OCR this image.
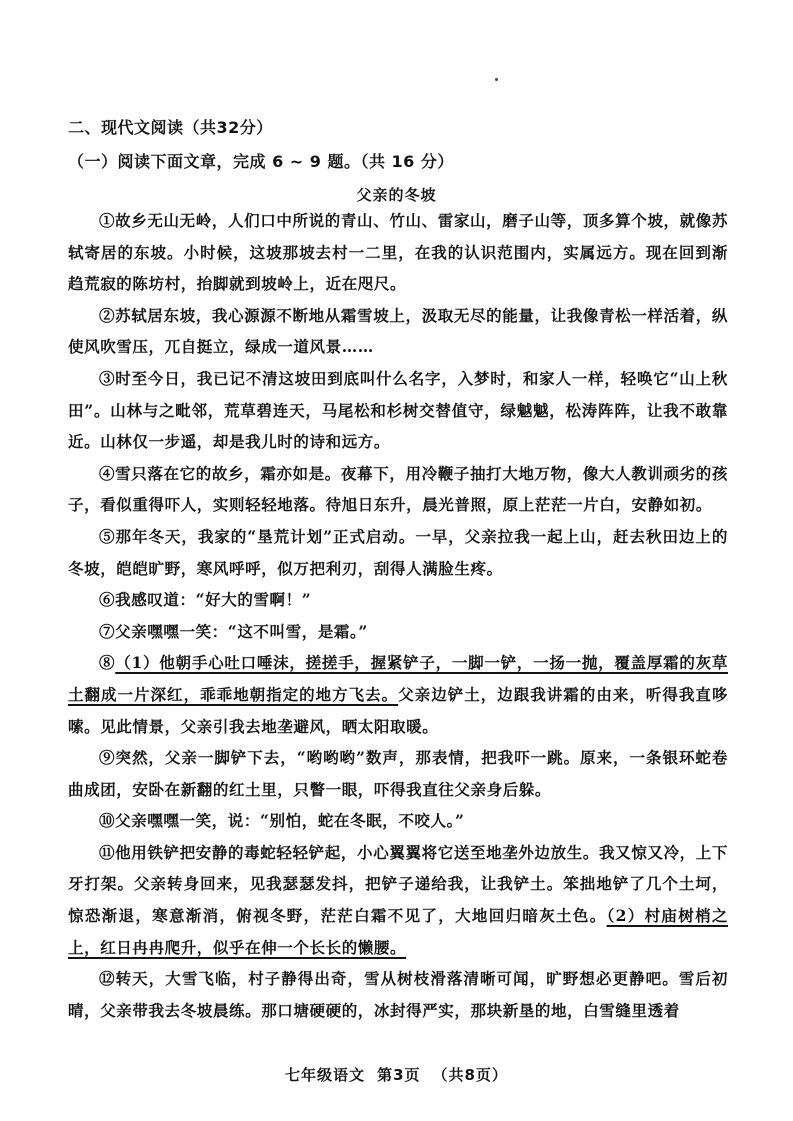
二、现代文阅读（共32分）
（一）阅读下面文章，完成 6 ~ 9 题。（共 16 分）
父亲的冬坡

①故乡无山无岭，人们口中所说的青山、竹山、雷家山，磨子山等，顶多算个坡，就像苏轼寄居的东坡。小时候，这坡那坡去村一二里，在我的认识范围内，实属远方。现在回到渐趋荒寂的陈坊村，抬脚就到坡岭上，近在咫尺。

②苏轼居东坡，我心源源不断地从霜雪坡上，汲取无尽的能量，让我像青松一样活着，纵使风吹雪压，兀自挺立，绿成一道风景……

③时至今日，我已记不清这坡田到底叫什么名字，入梦时，和家人一样，轻唤它“山上秋田”。山林与之毗邻，荒草碧连天，马尾松和杉树交替值守，绿魆魆，松涛阵阵，让我不敢靠近。山林仅一步遥，却是我儿时的诗和远方。

④雪只落在它的故乡，霜亦如是。夜幕下，用冷鞭子抽打大地万物，像大人教训顽劣的孩子，看似重得吓人，实则轻轻地落。待旭日东升，晨光普照，原上茫茫一片白，安静如初。

⑤那年冬天，我家的“垦荒计划”正式启动。一早，父亲拉我一起上山，赶去秋田边上的冬坡，皑皑旷野，寒风呼呼，似万把利刃，刮得人满脸生疼。

⑥我感叹道：“好大的雪啊！”

⑦父亲嘿嘿一笑：“这不叫雪，是霜。”

⑧（1）他朝手心吐口唾沫，搓搓手，握紧铲子，一脚一铲，一扬一抛，覆盖厚霜的灰草土翻成一片深红，乖乖地朝指定的地方飞去。父亲边铲土，边跟我讲霜的由来，听得我直哆嗦。见此情景，父亲引我去地垄避风，晒太阳取暖。

⑨突然，父亲一脚铲下去，“哟哟哟”数声，那表情，把我吓一跳。原来，一条银环蛇卷曲成团，安卧在新翻的红土里，只瞥一眼，吓得我直往父亲身后躲。

⑩父亲嘿嘿一笑，说：“别怕，蛇在冬眠，不咬人。”

⑪他用铁铲把安静的毒蛇轻轻铲起，小心翼翼将它送至地垄外边放生。我又惊又冷，上下牙打架。父亲转身回来，见我瑟瑟发抖，把铲子递给我，让我铲土。笨拙地铲了几个土坷，惊恐渐退，寒意渐消，俯视冬野，茫茫白霜不见了，大地回归暗灰土色。（2）村庙树梢之上，红日冉冉爬升，似乎在伸一个长长的懒腰。

⑫转天，大雪飞临，村子静得出奇，雪从树枝滑落清晰可闻，旷野想必更静吧。雪后初晴，父亲带我去冬坡晨练。那口塘硬硬的，冰封得严实，那块新垦的地，白雪缝里透着

七年级语文 第3页 （共8页）
